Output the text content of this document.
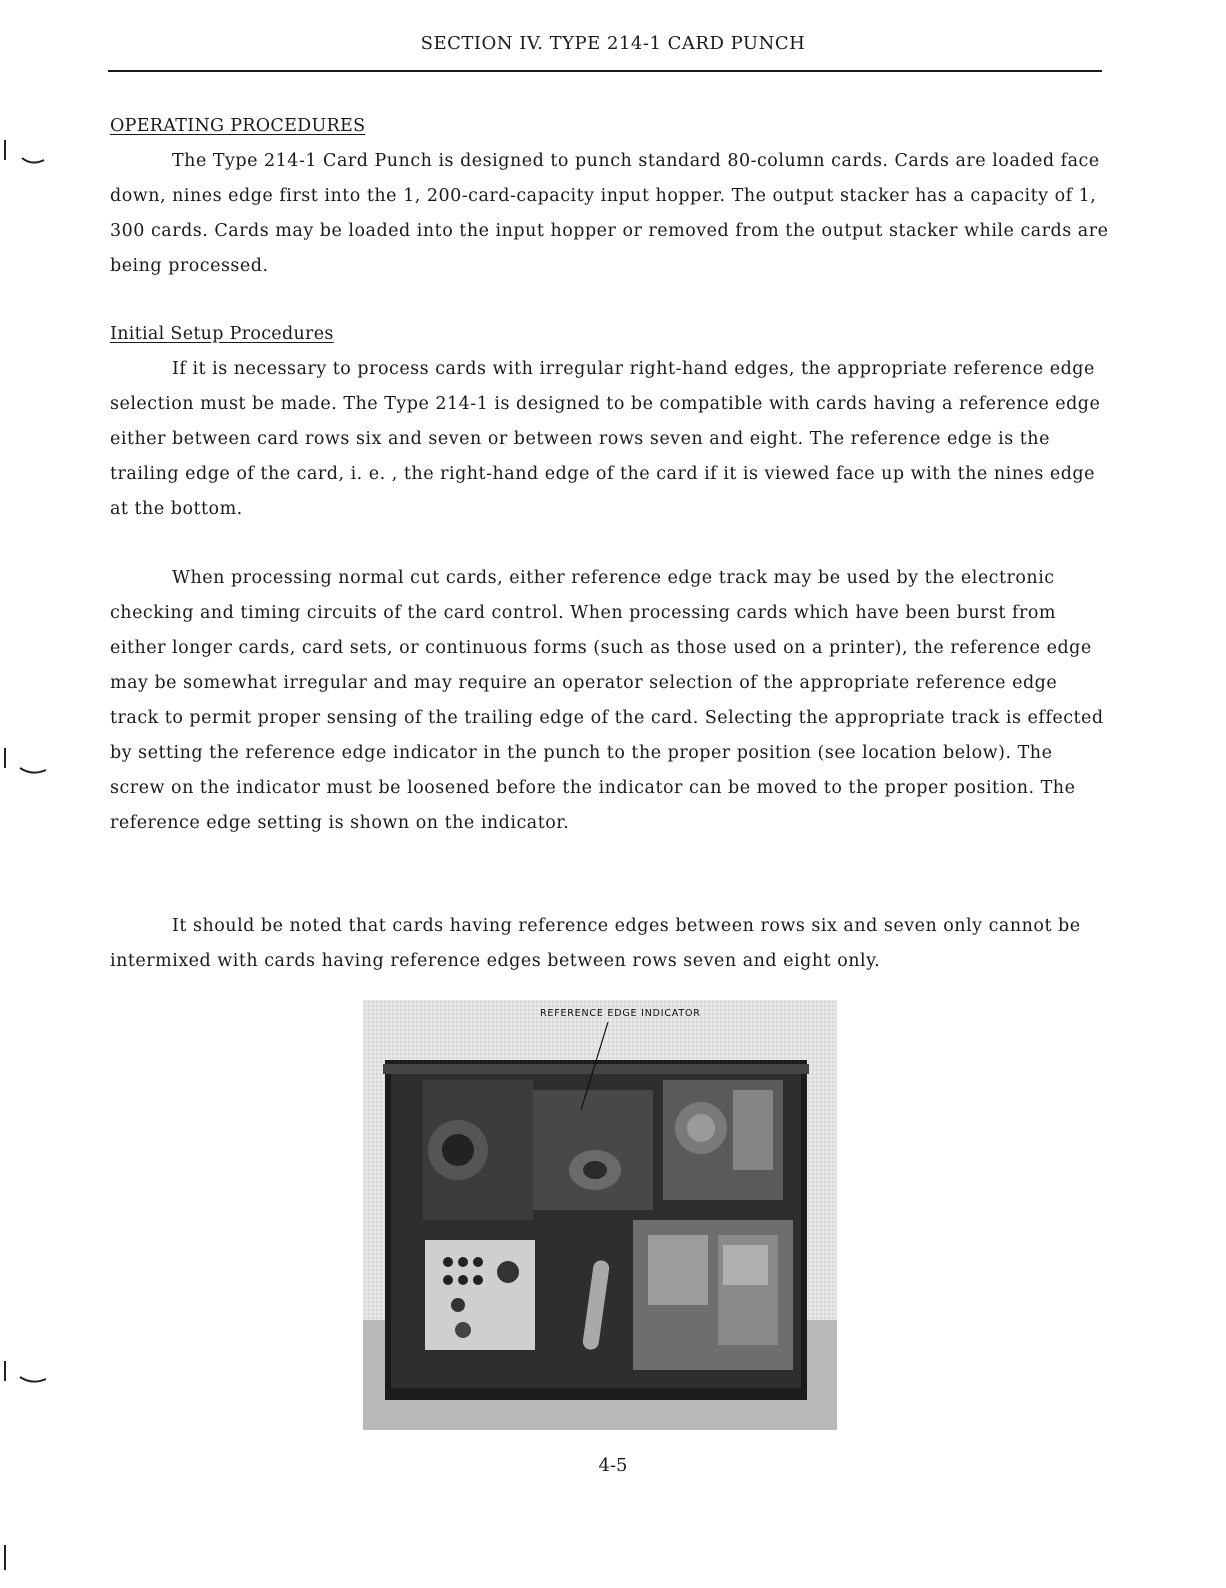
SECTION IV. TYPE 214-1 CARD PUNCH
OPERATING PROCEDURES

The Type 214-1 Card Punch is designed to punch standard 80-column cards. Cards are loaded face down, nines edge first into the 1, 200-card-capacity input hopper. The output stacker has a capacity of 1, 300 cards. Cards may be loaded into the input hopper or removed from the output stacker while cards are being processed.

Initial Setup Procedures

If it is necessary to process cards with irregular right-hand edges, the appropriate reference edge selection must be made. The Type 214-1 is designed to be compatible with cards having a reference edge either between card rows six and seven or between rows seven and eight. The reference edge is the trailing edge of the card, i. e. , the right-hand edge of the card if it is viewed face up with the nines edge at the bottom.

When processing normal cut cards, either reference edge track may be used by the electronic checking and timing circuits of the card control. When processing cards which have been burst from either longer cards, card sets, or continuous forms (such as those used on a printer), the reference edge may be somewhat irregular and may require an operator selection of the appropriate reference edge track to permit proper sensing of the trailing edge of the card. Selecting the appropriate track is effected by setting the reference edge indicator in the punch to the proper position (see location below). The screw on the indicator must be loosened before the indicator can be moved to the proper position. The reference edge setting is shown on the indicator.

It should be noted that cards having reference edges between rows six and seven only cannot be intermixed with cards having reference edges between rows seven and eight only.

REFERENCE EDGE INDICATOR
4-5
